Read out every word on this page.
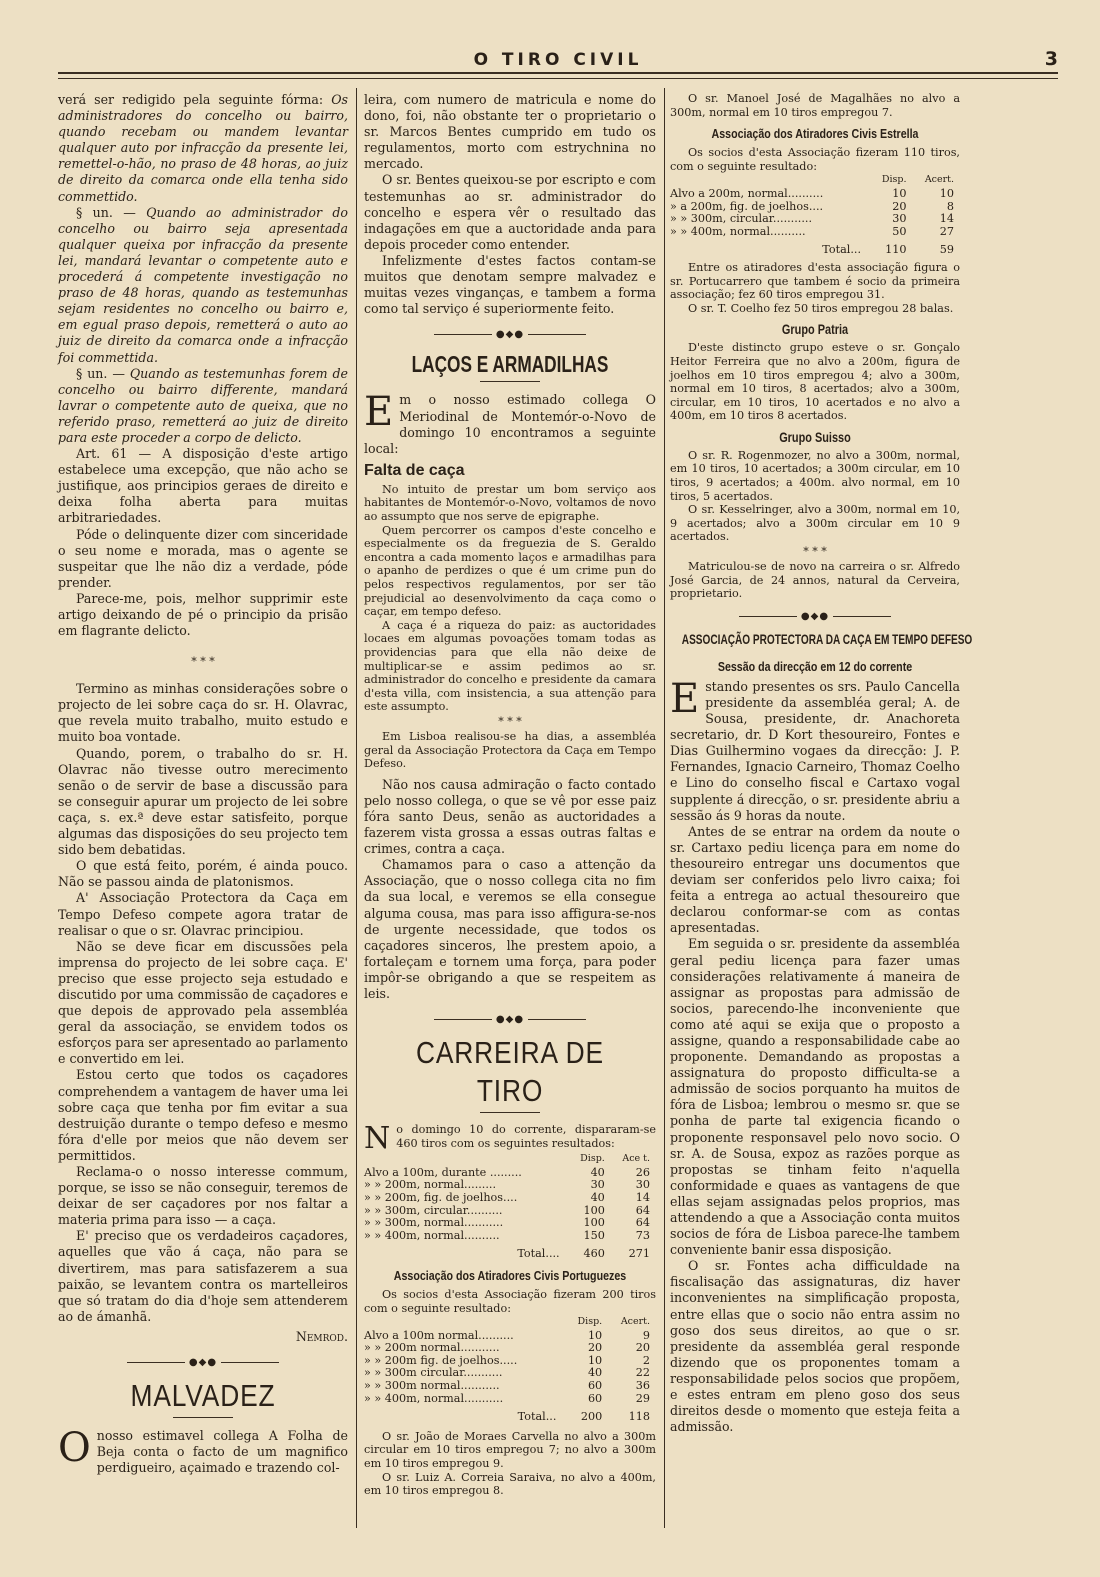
O TIRO CIVIL	3

verá ser redigido pela seguinte fórma: Os administradores do concelho ou bairro, quando recebam ou mandem levantar qualquer auto por infracção da presente lei, remettel-o-hão, no praso de 48 horas, ao juiz de direito da comarca onde ella tenha sido commettido.

§ un. — Quando ao administrador do concelho ou bairro seja apresentada qualquer queixa por infracção da presente lei, mandará levantar o competente auto e procederá á competente investigação no praso de 48 horas, quando as testemunhas sejam residentes no concelho ou bairro e, em egual praso depois, remetterá o auto ao juiz de direito da comarca onde a infracção foi commettida.

§ un. — Quando as testemunhas forem de concelho ou bairro differente, mandará lavrar o competente auto de queixa, que no referido praso, remetterá ao juiz de direito para este proceder a corpo de delicto.

Art. 61 — A disposição d'este artigo estabelece uma excepção, que não acho se justifique, aos principios geraes de direito e deixa folha aberta para muitas arbitrariedades.

Póde o delinquente dizer com sinceridade o seu nome e morada, mas o agente se suspeitar que lhe não diz a verdade, póde prender.

Parece-me, pois, melhor supprimir este artigo deixando de pé o principio da prisão em flagrante delicto.

* * *

Termino as minhas considerações sobre o projecto de lei sobre caça do sr. H. Olavrac, que revela muito trabalho, muito estudo e muito boa vontade.

Quando, porem, o trabalho do sr. H. Olavrac não tivesse outro merecimento senão o de servir de base a discussão para se conseguir apurar um projecto de lei sobre caça, s. ex.ª deve estar satisfeito, porque algumas das disposições do seu projecto tem sido bem debatidas.

O que está feito, porém, é ainda pouco. Não se passou ainda de platonismos.

A' Associação Protectora da Caça em Tempo Defeso compete agora tratar de realisar o que o sr. Olavrac principiou.

Não se deve ficar em discussões pela imprensa do projecto de lei sobre caça. E' preciso que esse projecto seja estudado e discutido por uma commissão de caçadores e que depois de approvado pela assembléa geral da associação, se envidem todos os esforços para ser apresentado ao parlamento e convertido em lei.

Estou certo que todos os caçadores comprehendem a vantagem de haver uma lei sobre caça que tenha por fim evitar a sua destruição durante o tempo defeso e mesmo fóra d'elle por meios que não devem ser permittidos.

Reclama-o o nosso interesse commum, porque, se isso se não conseguir, teremos de deixar de ser caçadores por nos faltar a materia prima para isso — a caça.

E' preciso que os verdadeiros caçadores, aquelles que vão á caça, não para se divertirem, mas para satisfazerem a sua paixão, se levantem contra os martelleiros que só tratam do dia d'hoje sem attenderem ao de ámanhã.

Nemrod.
●◆●
MALVADEZ

Onosso estimavel collega A Folha de Beja conta o facto de um magnifico perdigueiro, açaimado e trazendo col-

leira, com numero de matricula e nome do dono, foi, não obstante ter o proprietario o sr. Marcos Bentes cumprido em tudo os regulamentos, morto com estrychnina no mercado.

O sr. Bentes queixou-se por escripto e com testemunhas ao sr. administrador do concelho e espera vêr o resultado das indagações em que a auctoridade anda para depois proceder como entender.

Infelizmente d'estes factos contam-se muitos que denotam sempre malvadez e muitas vezes vinganças, e tambem a forma como tal serviço é superiormente feito.

●◆●
LAÇOS E ARMADILHAS

Em o nosso estimado collega O Meriodinal de Montemór-o-Novo de domingo 10 encontramos a seguinte local:

Falta de caça

No intuito de prestar um bom serviço aos habitantes de Montemór-o-Novo, voltamos de novo ao assumpto que nos serve de epigraphe.

Quem percorrer os campos d'este concelho e especialmente os da freguezia de S. Geraldo encontra a cada momento laços e armadilhas para o apanho de perdizes o que é um crime pun do pelos respectivos regulamentos, por ser tão prejudicial ao desenvolvimento da caça como o caçar, em tempo defeso.

A caça é a riqueza do paiz: as auctoridades locaes em algumas povoações tomam todas as providencias para que ella não deixe de multiplicar-se e assim pedimos ao sr. administrador do concelho e presidente da camara d'esta villa, com insistencia, a sua attenção para este assumpto.

* * *

Em Lisboa realisou-se ha dias, a assembléa geral da Associação Protectora da Caça em Tempo Defeso.

Não nos causa admiração o facto contado pelo nosso collega, o que se vê por esse paiz fóra santo Deus, senão as auctoridades a fazerem vista grossa a essas outras faltas e crimes, contra a caça.

Chamamos para o caso a attenção da Associação, que o nosso collega cita no fim da sua local, e veremos se ella consegue alguma cousa, mas para isso affigura-se-nos de urgente necessidade, que todos os caçadores sinceros, lhe prestem apoio, a fortaleçam e tornem uma força, para poder impôr-se obrigando a que se respeitem as leis.

●◆●
CARREIRA DE TIRO

No domingo 10 do corrente, dispararam-se 460 tiros com os seguintes resultados:

	Disp.	Ace t.
Alvo a 100m, durante .........	40	26
» » 200m, normal.........	30	30
» » 200m, fig. de joelhos....	40	14
» » 300m, circular..........	100	64
» » 300m, normal...........	100	64
» » 400m, normal..........	150	73
Total....	460	271
Associação dos Atiradores Civis Portuguezes

Os socios d'esta Associação fizeram 200 tiros com o seguinte resultado:

	Disp.	Acert.
Alvo a 100m normal..........	10	9
» » 200m normal...........	20	20
» » 200m fig. de joelhos.....	10	2
» » 300m circular...........	40	22
» » 300m normal...........	60	36
» » 400m, normal...........	60	29
Total...	200	118

O sr. João de Moraes Carvella no alvo a 300m circular em 10 tiros empregou 7; no alvo a 300m em 10 tiros empregou 9.

O sr. Luiz A. Correia Saraiva, no alvo a 400m, em 10 tiros empregou 8.

O sr. Manoel José de Magalhães no alvo a 300m, normal em 10 tiros empregou 7.

Associação dos Atiradores Civis Estrella

Os socios d'esta Associação fizeram 110 tiros, com o seguinte resultado:

	Disp.	Acert.
Alvo a 200m, normal..........	10	10
» a 200m, fig. de joelhos....	20	8
» » 300m, circular...........	30	14
» » 400m, normal..........	50	27
Total...	110	59

Entre os atiradores d'esta associação figura o sr. Portucarrero que tambem é socio da primeira associação; fez 60 tiros empregou 31.

O sr. T. Coelho fez 50 tiros empregou 28 balas.

Grupo Patria

D'este distincto grupo esteve o sr. Gonçalo Heitor Ferreira que no alvo a 200m, figura de joelhos em 10 tiros empregou 4; alvo a 300m, normal em 10 tiros, 8 acertados; alvo a 300m, circular, em 10 tiros, 10 acertados e no alvo a 400m, em 10 tiros 8 acertados.

Grupo Suisso

O sr. R. Rogenmozer, no alvo a 300m, normal, em 10 tiros, 10 acertados; a 300m circular, em 10 tiros, 9 acertados; a 400m. alvo normal, em 10 tiros, 5 acertados.

O sr. Kesselringer, alvo a 300m, normal em 10, 9 acertados; alvo a 300m circular em 10 9 acertados.

* * *

Matriculou-se de novo na carreira o sr. Alfredo José Garcia, de 24 annos, natural da Cerveira, proprietario.

●◆●
ASSOCIAÇÃO PROTECTORA DA CAÇA EM TEMPO DEFESO
Sessão da direcção em 12 do corrente

Estando presentes os srs. Paulo Cancella presidente da assembléa geral; A. de Sousa, presidente, dr. Anachoreta secretario, dr. D Kort thesoureiro, Fontes e Dias Guilhermino vogaes da direcção: J. P. Fernandes, Ignacio Carneiro, Thomaz Coelho e Lino do conselho fiscal e Cartaxo vogal supplente á direcção, o sr. presidente abriu a sessão ás 9 horas da noute.

Antes de se entrar na ordem da noute o sr. Cartaxo pediu licença para em nome do thesoureiro entregar uns documentos que deviam ser conferidos pelo livro caixa; foi feita a entrega ao actual thesoureiro que declarou conformar-se com as contas apresentadas.

Em seguida o sr. presidente da assembléa geral pediu licença para fazer umas considerações relativamente á maneira de assignar as propostas para admissão de socios, parecendo-lhe inconveniente que como até aqui se exija que o proposto a assigne, quando a responsabilidade cabe ao proponente. Demandando as propostas a assignatura do proposto difficulta-se a admissão de socios porquanto ha muitos de fóra de Lisboa; lembrou o mesmo sr. que se ponha de parte tal exigencia ficando o proponente responsavel pelo novo socio. O sr. A. de Sousa, expoz as razões porque as propostas se tinham feito n'aquella conformidade e quaes as vantagens de que ellas sejam assignadas pelos proprios, mas attendendo a que a Associação conta muitos socios de fóra de Lisboa parece-lhe tambem conveniente banir essa disposição.

O sr. Fontes acha difficuldade na fiscalisação das assignaturas, diz haver inconvenientes na simplificação proposta, entre ellas que o socio não entra assim no goso dos seus direitos, ao que o sr. presidente da assembléa geral responde dizendo que os proponentes tomam a responsabilidade pelos socios que propõem, e estes entram em pleno goso dos seus direitos desde o momento que esteja feita a admissão.
